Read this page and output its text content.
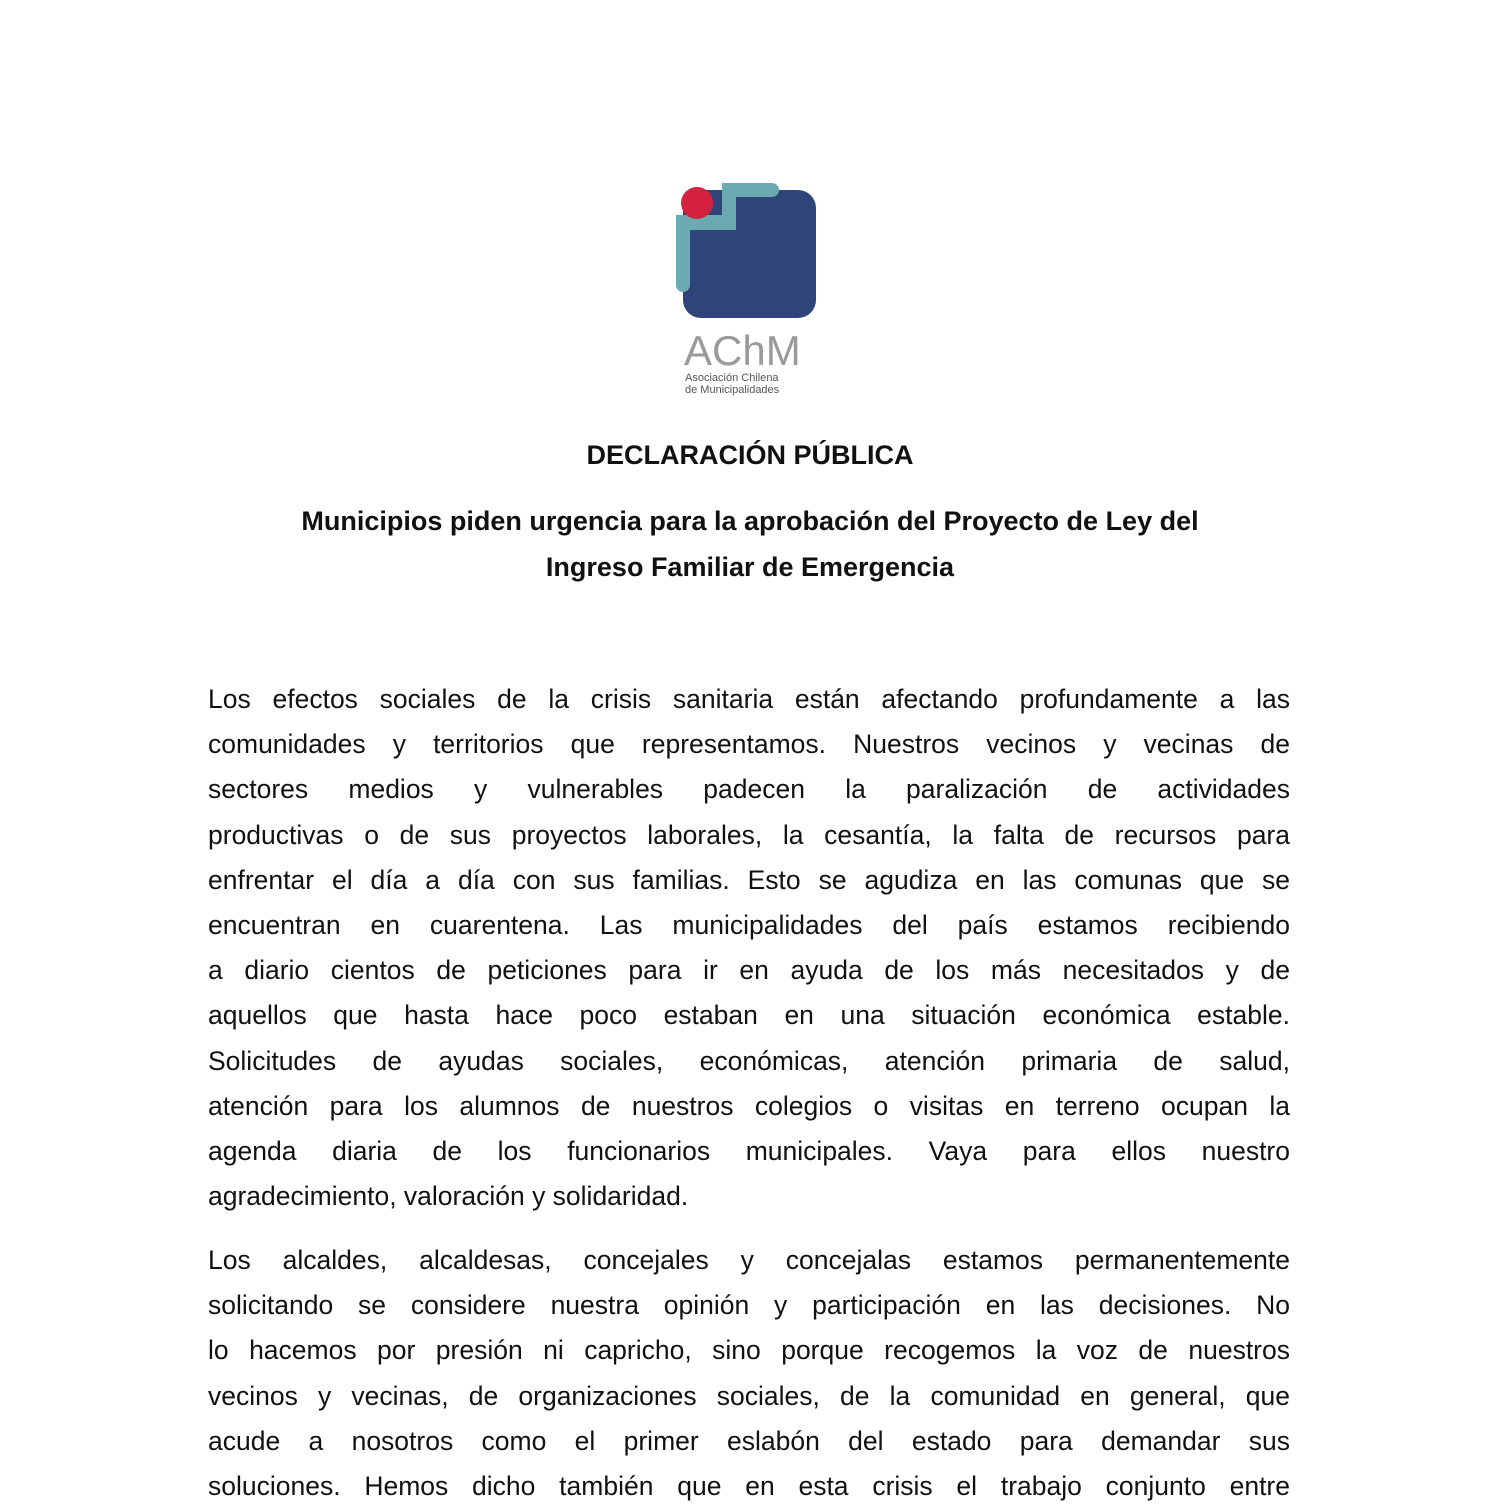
AChM
Asociación Chilena
de Municipalidades
DECLARACIÓN PÚBLICA
Municipios piden urgencia para la aprobación del Proyecto de Ley del
Ingreso Familiar de Emergencia
Los efectos sociales de la crisis sanitaria están afectando profundamente a las
comunidades y territorios que representamos. Nuestros vecinos y vecinas de
sectores medios y vulnerables padecen la paralización de actividades
productivas o de sus proyectos laborales, la cesantía, la falta de recursos para
enfrentar el día a día con sus familias. Esto se agudiza en las comunas que se
encuentran en cuarentena. Las municipalidades del país estamos recibiendo
a diario cientos de peticiones para ir en ayuda de los más necesitados y de
aquellos que hasta hace poco estaban en una situación económica estable.
Solicitudes de ayudas sociales, económicas, atención primaria de salud,
atención para los alumnos de nuestros colegios o visitas en terreno ocupan la
agenda diaria de los funcionarios municipales. Vaya para ellos nuestro
agradecimiento, valoración y solidaridad.
Los alcaldes, alcaldesas, concejales y concejalas estamos permanentemente
solicitando se considere nuestra opinión y participación en las decisiones. No
lo hacemos por presión ni capricho, sino porque recogemos la voz de nuestros
vecinos y vecinas, de organizaciones sociales, de la comunidad en general, que
acude a nosotros como el primer eslabón del estado para demandar sus
soluciones. Hemos dicho también que en esta crisis el trabajo conjunto entre
